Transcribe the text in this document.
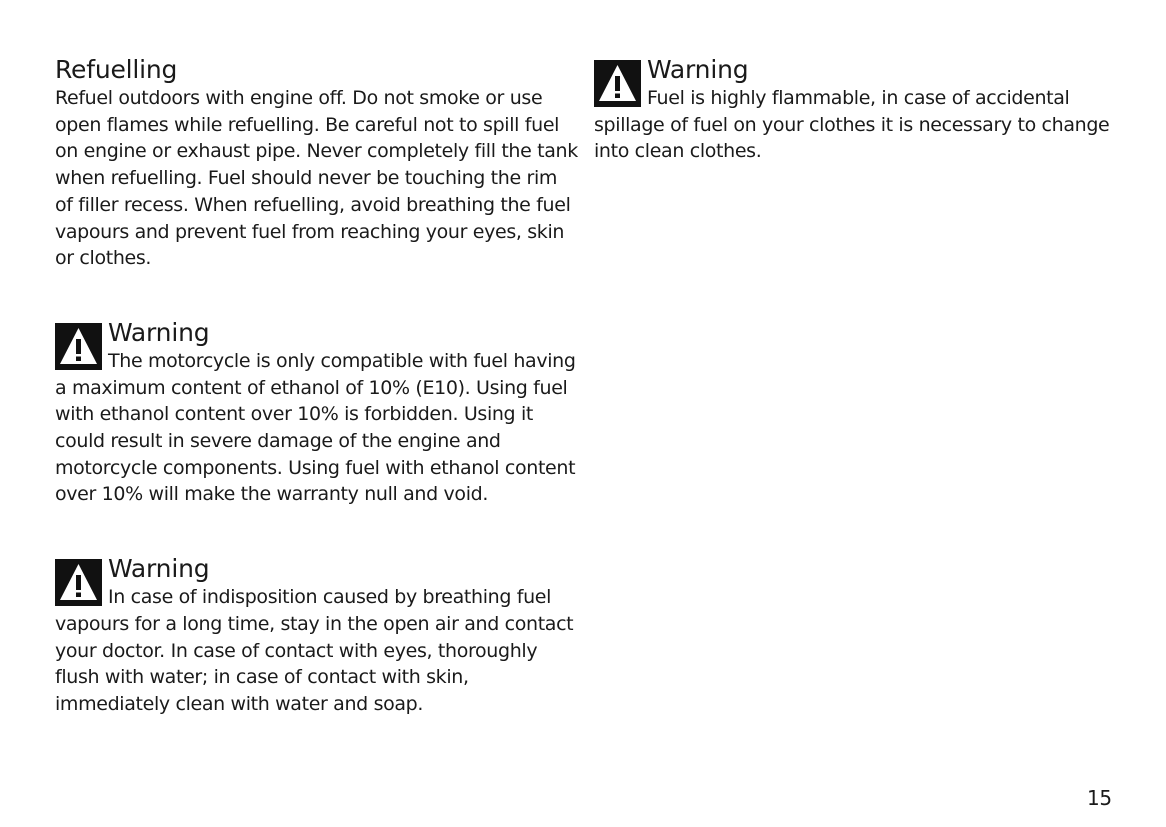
Refuelling

Refuel outdoors with engine off. Do not smoke or use open flames while refuelling. Be careful not to spill fuel on engine or exhaust pipe. Never completely fill the tank when refuelling. Fuel should never be touching the rim of filler recess. When refuelling, avoid breathing the fuel vapours and prevent fuel from reaching your eyes, skin or clothes.

Warning

The motorcycle is only compatible with fuel having a maximum content of ethanol of 10% (E10). Using fuel with ethanol content over 10% is forbidden. Using it could result in severe damage of the engine and motorcycle components. Using fuel with ethanol content over 10% will make the warranty null and void.

Warning

In case of indisposition caused by breathing fuel vapours for a long time, stay in the open air and contact your doctor. In case of contact with eyes, thoroughly flush with water; in case of contact with skin, immediately clean with water and soap.

Warning

Fuel is highly flammable, in case of accidental spillage of fuel on your clothes it is necessary to change into clean clothes.

15
